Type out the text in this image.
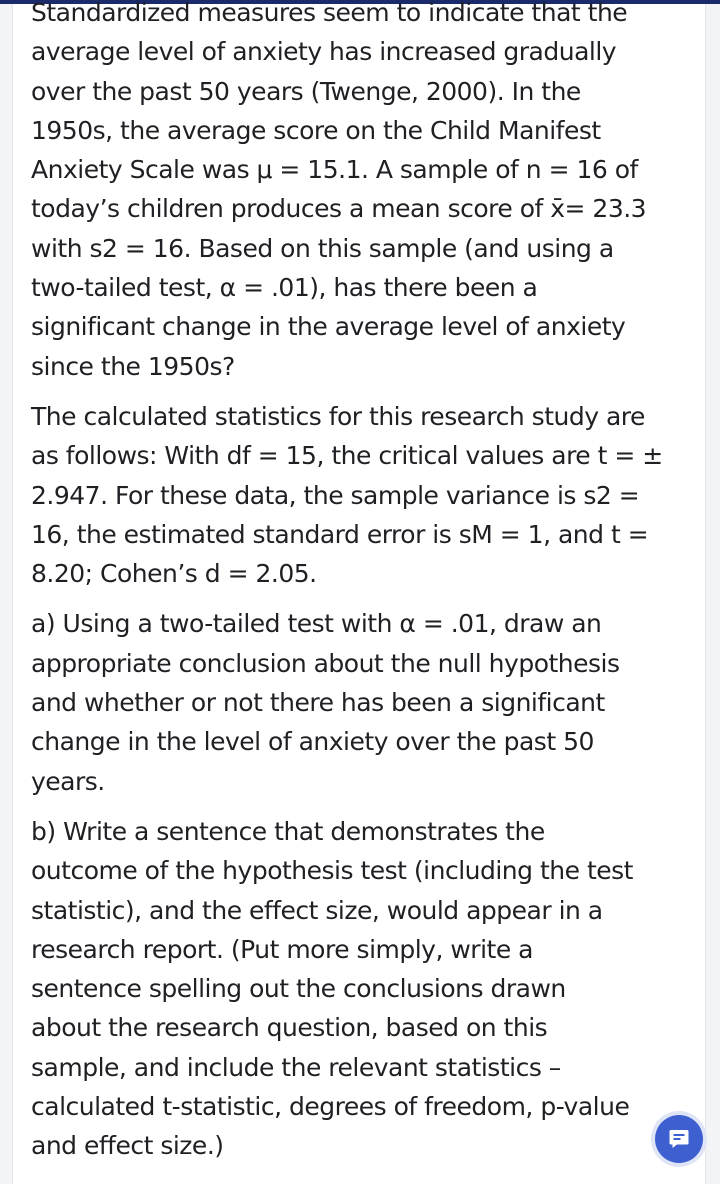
Standardized measures seem to indicate that the
average level of anxiety has increased gradually
over the past 50 years (Twenge, 2000). In the
1950s, the average score on the Child Manifest
Anxiety Scale was μ = 15.1. A sample of n = 16 of
today’s children produces a mean score of x̄= 23.3
with s2 = 16. Based on this sample (and using a
two-tailed test, α = .01), has there been a
significant change in the average level of anxiety
since the 1950s?

The calculated statistics for this research study are
as follows: With df = 15, the critical values are t = ±
2.947. For these data, the sample variance is s2 =
16, the estimated standard error is sM = 1, and t =
8.20; Cohen’s d = 2.05.

a) Using a two-tailed test with α = .01, draw an
appropriate conclusion about the null hypothesis
and whether or not there has been a significant
change in the level of anxiety over the past 50
years.

b) Write a sentence that demonstrates the
outcome of the hypothesis test (including the test
statistic), and the effect size, would appear in a
research report. (Put more simply, write a
sentence spelling out the conclusions drawn
about the research question, based on this
sample, and include the relevant statistics –
calculated t-statistic, degrees of freedom, p-value
and effect size.)
